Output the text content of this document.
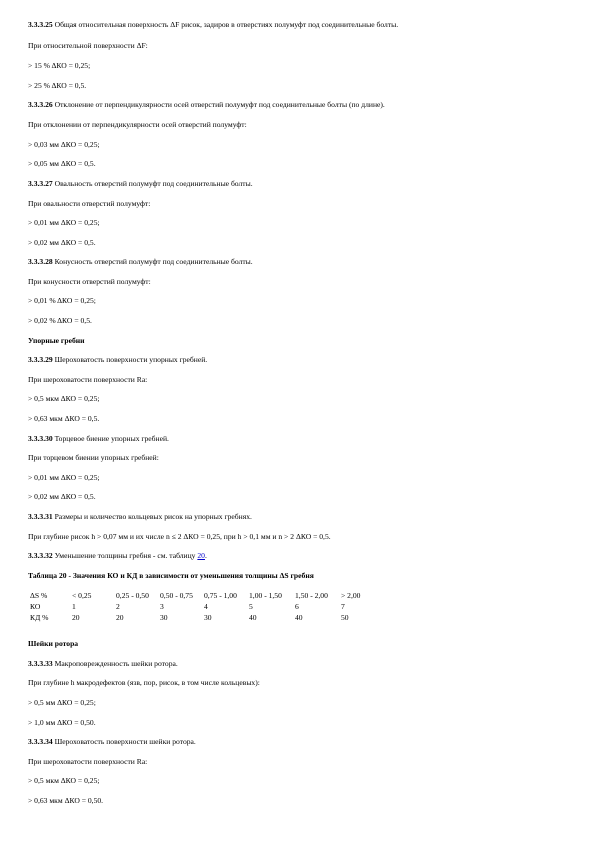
3.3.3.25 Общая относительная поверхность ΔF рисок, задиров в отверстиях полумуфт под соединительные болты.
При относительной поверхности ΔF:
> 15 % ΔКО = 0,25;
> 25 % ΔКО = 0,5.
3.3.3.26 Отклонение от перпендикулярности осей отверстий полумуфт под соединительные болты (по длине).
При отклонении от перпендикулярности осей отверстий полумуфт:
> 0,03 мм ΔКО = 0,25;
> 0,05 мм ΔКО = 0,5.
3.3.3.27 Овальность отверстий полумуфт под соединительные болты.
При овальности отверстий полумуфт:
> 0,01 мм ΔКО = 0,25;
> 0,02 мм ΔКО = 0,5.
3.3.3.28 Конусность отверстий полумуфт под соединительные болты.
При конусности отверстий полумуфт:
> 0,01 % ΔКО = 0,25;
> 0,02 % ΔКО = 0,5.
Упорные гребни
3.3.3.29 Шероховатость поверхности упорных гребней.
При шероховатости поверхности Ra:
> 0,5 мкм ΔКО = 0,25;
> 0,63 мкм ΔКО = 0,5.
3.3.3.30 Торцевое биение упорных гребней.
При торцевом биении упорных гребней:
> 0,01 мм ΔКО = 0,25;
> 0,02 мм ΔКО = 0,5.
3.3.3.31 Размеры и количество кольцевых рисок на упорных гребнях.
При глубине рисок h > 0,07 мм и их числе n ≤ 2 ΔКО = 0,25, при h > 0,1 мм и n > 2 ΔКО = 0,5.
3.3.3.32 Уменьшение толщины гребня - см. таблицу 20.
Таблица 20 - Значения КО и КД в зависимости от уменьшения толщины ΔS гребня
ΔS %	< 0,25	0,25 - 0,50	0,50 - 0,75	0,75 - 1,00	1,00 - 1,50	1,50 - 2,00	> 2,00
КО	1	2	3	4	5	6	7
КД %	20	20	30	30	40	40	50
Шейки ротора
3.3.3.33 Макроповрежденность шейки ротора.
При глубине h макродефектов (язв, пор, рисок, в том числе кольцевых):
> 0,5 мм ΔКО = 0,25;
> 1,0 мм ΔКО = 0,50.
3.3.3.34 Шероховатость поверхности шейки ротора.
При шероховатости поверхности Ra:
> 0,5 мкм ΔКО = 0,25;
> 0,63 мкм ΔКО = 0,50.
